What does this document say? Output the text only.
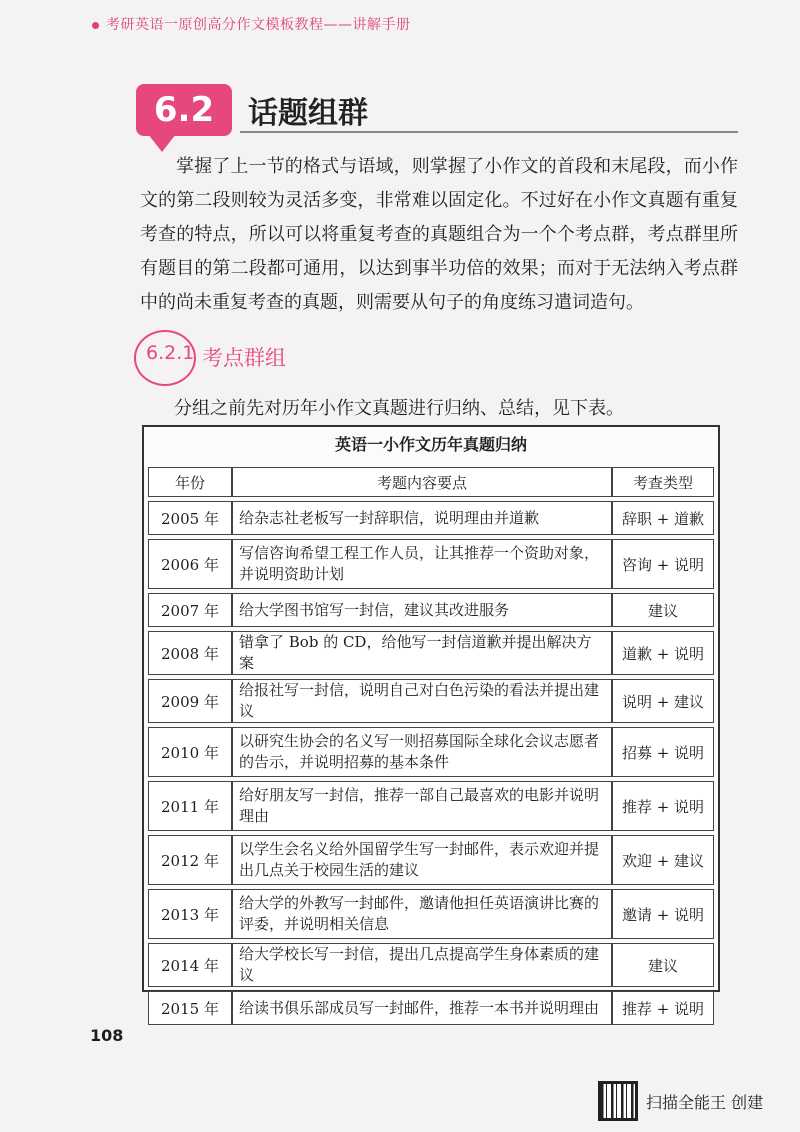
考研英语一原创高分作文模板教程——讲解手册
6.2	话题组群
掌握了上一节的格式与语域，则掌握了小作文的首段和末尾段，而小作文的第二段则较为灵活多变，非常难以固定化。不过好在小作文真题有重复考查的特点，所以可以将重复考查的真题组合为一个个考点群，考点群里所有题目的第二段都可通用，以达到事半功倍的效果；而对于无法纳入考点群中的尚未重复考查的真题，则需要从句子的角度练习遣词造句。
6.2.1 考点群组
分组之前先对历年小作文真题进行归纳、总结，见下表。
英语一小作文历年真题归纳
年份	考题内容要点	考查类型
2005 年	给杂志社老板写一封辞职信，说明理由并道歉	辞职 + 道歉
2006 年	写信咨询希望工程工作人员，让其推荐一个资助对象，并说明资助计划	咨询 + 说明
2007 年	给大学图书馆写一封信，建议其改进服务	建议
2008 年	错拿了 Bob 的 CD，给他写一封信道歉并提出解决方案	道歉 + 说明
2009 年	给报社写一封信，说明自己对白色污染的看法并提出建议	说明 + 建议
2010 年	以研究生协会的名义写一则招募国际全球化会议志愿者的告示，并说明招募的基本条件	招募 + 说明
2011 年	给好朋友写一封信，推荐一部自己最喜欢的电影并说明理由	推荐 + 说明
2012 年	以学生会名义给外国留学生写一封邮件，表示欢迎并提出几点关于校园生活的建议	欢迎 + 建议
2013 年	给大学的外教写一封邮件，邀请他担任英语演讲比赛的评委，并说明相关信息	邀请 + 说明
2014 年	给大学校长写一封信，提出几点提高学生身体素质的建议	建议
2015 年	给读书俱乐部成员写一封邮件，推荐一本书并说明理由	推荐 + 说明
108
扫描全能王 创建
